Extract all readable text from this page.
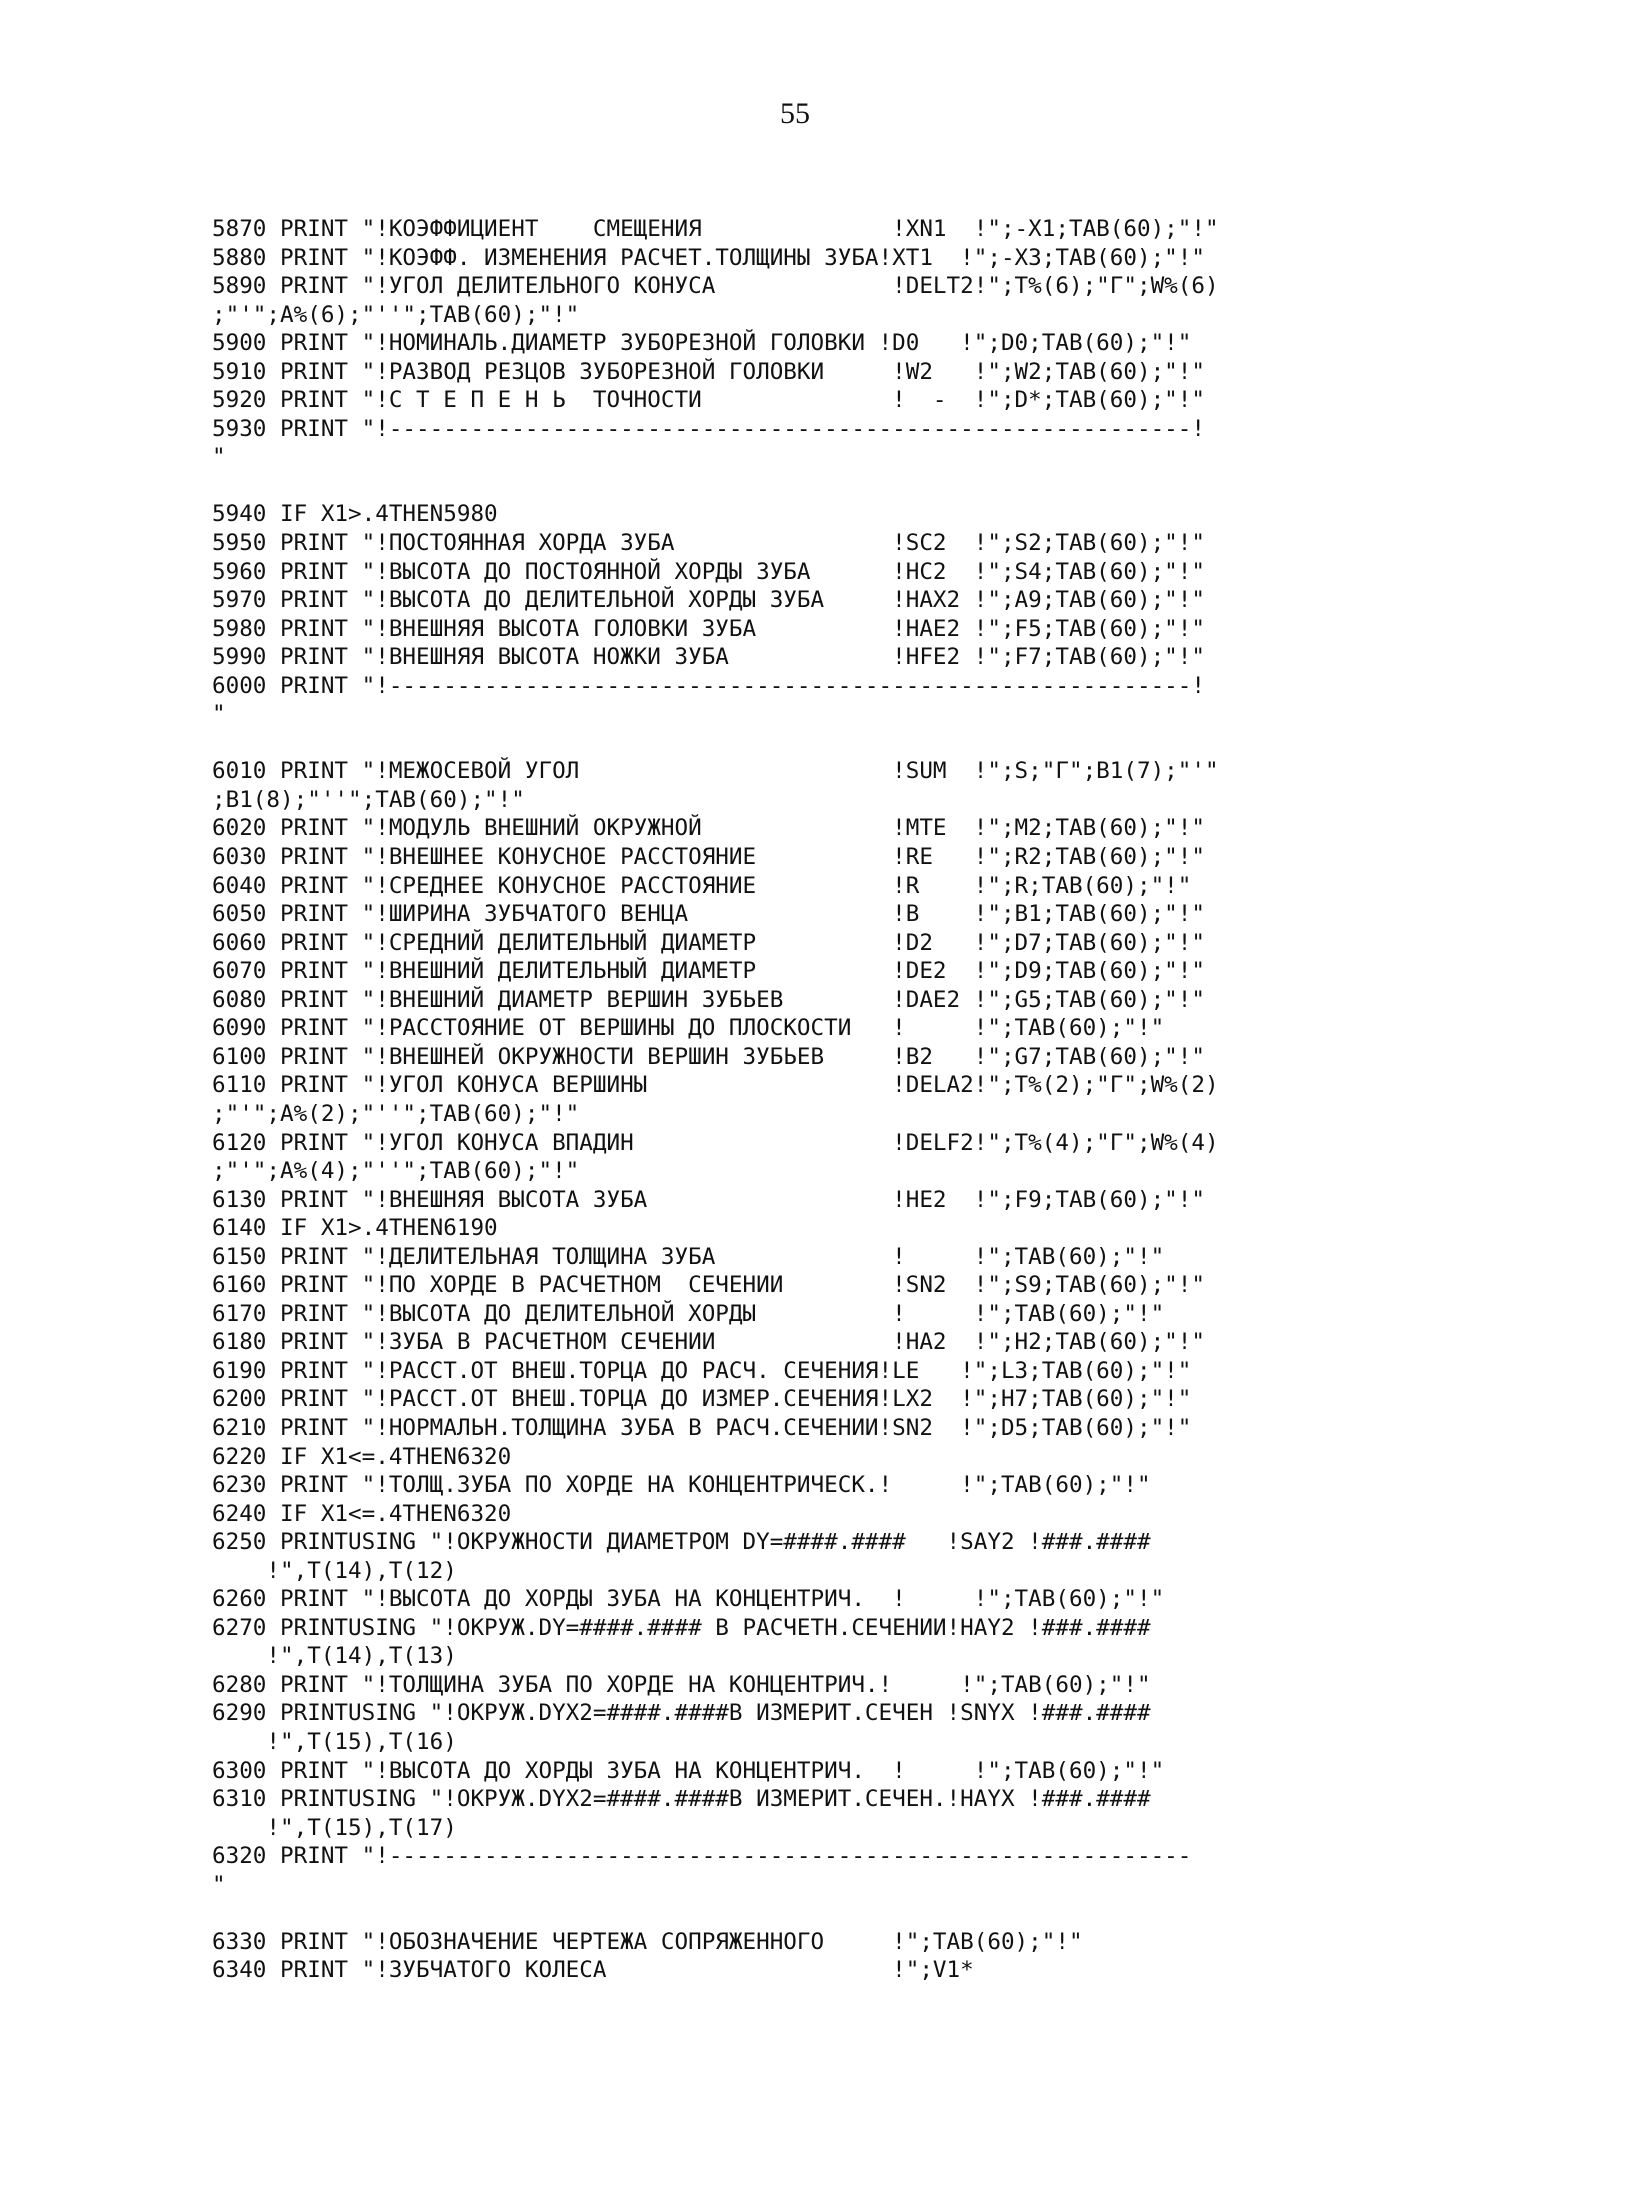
55
5870 PRINT "!КОЭФФИЦИЕНТ    СМЕЩЕНИЯ              !XN1  !";-X1;TAB(60);"!"
5880 PRINT "!КОЭФФ. ИЗМЕНЕНИЯ РАСЧЕТ.ТОЛЩИНЫ ЗУБА!XT1  !";-X3;TAB(60);"!"
5890 PRINT "!УГОЛ ДЕЛИТЕЛЬНОГО КОНУСА             !DELT2!";T%(6);"Г";W%(6)
;"'";A%(6);"''";TAB(60);"!"
5900 PRINT "!НОМИНАЛЬ.ДИАМЕТР ЗУБОРЕЗНОЙ ГОЛОВКИ !D0   !";D0;TAB(60);"!"
5910 PRINT "!РАЗВОД РЕЗЦОВ ЗУБОРЕЗНОЙ ГОЛОВКИ     !W2   !";W2;TAB(60);"!"
5920 PRINT "!С Т Е П Е Н Ь  ТОЧНОСТИ              !  -  !";D*;TAB(60);"!"
5930 PRINT "!-----------------------------------------------------------!
"
5940 IF X1>.4THEN5980
5950 PRINT "!ПОСТОЯННАЯ ХОРДА ЗУБА                !SC2  !";S2;TAB(60);"!"
5960 PRINT "!ВЫСОТА ДО ПОСТОЯННОЙ ХОРДЫ ЗУБА      !HC2  !";S4;TAB(60);"!"
5970 PRINT "!ВЫСОТА ДО ДЕЛИТЕЛЬНОЙ ХОРДЫ ЗУБА     !HAX2 !";A9;TAB(60);"!"
5980 PRINT "!ВНЕШНЯЯ ВЫСОТА ГОЛОВКИ ЗУБА          !HAE2 !";F5;TAB(60);"!"
5990 PRINT "!ВНЕШНЯЯ ВЫСОТА НОЖКИ ЗУБА            !HFE2 !";F7;TAB(60);"!"
6000 PRINT "!-----------------------------------------------------------!
"
6010 PRINT "!МЕЖОСЕВОЙ УГОЛ                       !SUM  !";S;"Г";B1(7);"'"
;B1(8);"''";TAB(60);"!"
6020 PRINT "!МОДУЛЬ ВНЕШНИЙ ОКРУЖНОЙ              !MTE  !";M2;TAB(60);"!"
6030 PRINT "!ВНЕШНЕЕ КОНУСНОЕ РАССТОЯНИЕ          !RE   !";R2;TAB(60);"!"
6040 PRINT "!СРЕДНЕЕ КОНУСНОЕ РАССТОЯНИЕ          !R    !";R;TAB(60);"!"
6050 PRINT "!ШИРИНА ЗУБЧАТОГО ВЕНЦА               !B    !";B1;TAB(60);"!"
6060 PRINT "!СРЕДНИЙ ДЕЛИТЕЛЬНЫЙ ДИАМЕТР          !D2   !";D7;TAB(60);"!"
6070 PRINT "!ВНЕШНИЙ ДЕЛИТЕЛЬНЫЙ ДИАМЕТР          !DE2  !";D9;TAB(60);"!"
6080 PRINT "!ВНЕШНИЙ ДИАМЕТР ВЕРШИН ЗУБЬЕВ        !DAE2 !";G5;TAB(60);"!"
6090 PRINT "!РАССТОЯНИЕ ОТ ВЕРШИНЫ ДО ПЛОСКОСТИ   !     !";TAB(60);"!"
6100 PRINT "!ВНЕШНЕЙ ОКРУЖНОСТИ ВЕРШИН ЗУБЬЕВ     !B2   !";G7;TAB(60);"!"
6110 PRINT "!УГОЛ КОНУСА ВЕРШИНЫ                  !DELA2!";T%(2);"Г";W%(2)
;"'";A%(2);"''";TAB(60);"!"
6120 PRINT "!УГОЛ КОНУСА ВПАДИН                   !DELF2!";T%(4);"Г";W%(4)
;"'";A%(4);"''";TAB(60);"!"
6130 PRINT "!ВНЕШНЯЯ ВЫСОТА ЗУБА                  !HE2  !";F9;TAB(60);"!"
6140 IF X1>.4THEN6190
6150 PRINT "!ДЕЛИТЕЛЬНАЯ ТОЛЩИНА ЗУБА             !     !";TAB(60);"!"
6160 PRINT "!ПО ХОРДЕ В РАСЧЕТНОМ  СЕЧЕНИИ        !SN2  !";S9;TAB(60);"!"
6170 PRINT "!ВЫСОТА ДО ДЕЛИТЕЛЬНОЙ ХОРДЫ          !     !";TAB(60);"!"
6180 PRINT "!ЗУБА В РАСЧЕТНОМ СЕЧЕНИИ             !HA2  !";H2;TAB(60);"!"
6190 PRINT "!РАССТ.ОТ ВНЕШ.ТОРЦА ДО РАСЧ. СЕЧЕНИЯ!LE   !";L3;TAB(60);"!"
6200 PRINT "!РАССТ.ОТ ВНЕШ.ТОРЦА ДО ИЗМЕР.СЕЧЕНИЯ!LX2  !";H7;TAB(60);"!"
6210 PRINT "!НОРМАЛЬН.ТОЛЩИНА ЗУБА В РАСЧ.СЕЧЕНИИ!SN2  !";D5;TAB(60);"!"
6220 IF X1<=.4THEN6320
6230 PRINT "!ТОЛЩ.ЗУБА ПО ХОРДЕ НА КОНЦЕНТРИЧЕСК.!     !";TAB(60);"!"
6240 IF X1<=.4THEN6320
6250 PRINTUSING "!ОКРУЖНОСТИ ДИАМЕТРОМ DY=####.####   !SAY2 !###.####
!",T(14),T(12)
6260 PRINT "!ВЫСОТА ДО ХОРДЫ ЗУБА НА КОНЦЕНТРИЧ.  !     !";TAB(60);"!"
6270 PRINTUSING "!ОКРУЖ.DY=####.#### В РАСЧЕТН.СЕЧЕНИИ!HAY2 !###.####
!",T(14),T(13)
6280 PRINT "!ТОЛЩИНА ЗУБА ПО ХОРДЕ НА КОНЦЕНТРИЧ.!     !";TAB(60);"!"
6290 PRINTUSING "!ОКРУЖ.DYX2=####.####В ИЗМЕРИТ.СЕЧЕН !SNYX !###.####
!",T(15),T(16)
6300 PRINT "!ВЫСОТА ДО ХОРДЫ ЗУБА НА КОНЦЕНТРИЧ.  !     !";TAB(60);"!"
6310 PRINTUSING "!ОКРУЖ.DYX2=####.####В ИЗМЕРИТ.СЕЧЕН.!HAYX !###.####
!",T(15),T(17)
6320 PRINT "!-----------------------------------------------------------
"
6330 PRINT "!ОБОЗНАЧЕНИЕ ЧЕРТЕЖА СОПРЯЖЕННОГО     !";TAB(60);"!"
6340 PRINT "!ЗУБЧАТОГО КОЛЕСА                     !";V1*
